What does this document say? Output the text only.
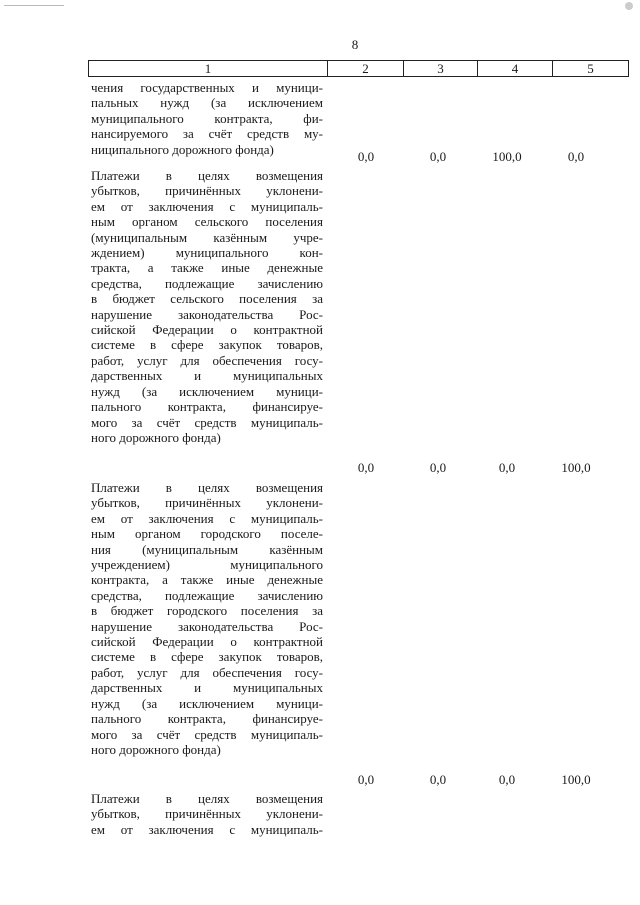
8
1	2	3	4	5
чения государственных и муници-
пальных нужд (за исключением
муниципального контракта, фи-
нансируемого за счёт средств му-
ниципального дорожного фонда)	0,0	0,0	100,0	0,0
Платежи в целях возмещения
убытков, причинённых уклонени-
ем от заключения с муниципаль-
ным органом сельского поселения
(муниципальным казённым учре-
ждением) муниципального кон-
тракта, а также иные денежные
средства, подлежащие зачислению
в бюджет сельского поселения за
нарушение законодательства Рос-
сийской Федерации о контрактной
системе в сфере закупок товаров,
работ, услуг для обеспечения госу-
дарственных и муниципальных
нужд (за исключением муници-
пального контракта, финансируе-
мого за счёт средств муниципаль-
ного дорожного фонда)
0,0	0,0	0,0	100,0
Платежи в целях возмещения
убытков, причинённых уклонени-
ем от заключения с муниципаль-
ным органом городского поселе-
ния (муниципальным казённым
учреждением) муниципального
контракта, а также иные денежные
средства, подлежащие зачислению
в бюджет городского поселения за
нарушение законодательства Рос-
сийской Федерации о контрактной
системе в сфере закупок товаров,
работ, услуг для обеспечения госу-
дарственных и муниципальных
нужд (за исключением муници-
пального контракта, финансируе-
мого за счёт средств муниципаль-
ного дорожного фонда)
0,0	0,0	0,0	100,0
Платежи в целях возмещения
убытков, причинённых уклонени-
ем от заключения с муниципаль-
